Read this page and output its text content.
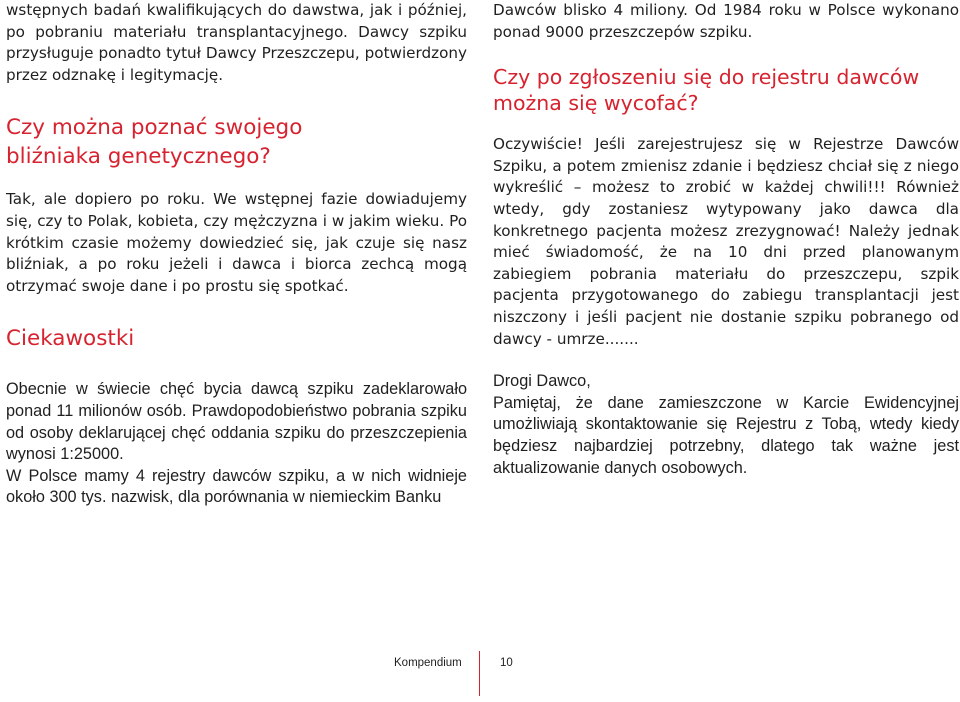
wstępnych badań kwalifikujących do dawstwa, jak i później, po pobraniu materiału transplantacyjnego. Dawcy szpiku przysługuje ponadto tytuł Dawcy Przeszczepu, potwierdzony przez odznakę i legitymację.

Czy można poznać swojego bliźniaka genetycznego?

Tak, ale dopiero po roku. We wstępnej fazie dowiadujemy się, czy to Polak, kobieta, czy mężczyzna i w jakim wieku. Po krótkim czasie możemy dowiedzieć się, jak czuje się nasz bliźniak, a po roku jeżeli i dawca i biorca zechcą mogą otrzymać swoje dane i po prostu się spotkać.

Ciekawostki

Obecnie w świecie chęć bycia dawcą szpiku zadeklarowało ponad 11 milionów osób. Prawdopodobieństwo pobrania szpiku od osoby deklarującej chęć oddania szpiku do przeszczepienia wynosi 1:25000.

W Polsce mamy 4 rejestry dawców szpiku, a w nich widnieje około 300 tys. nazwisk, dla porównania w niemieckim Banku

Dawców blisko 4 miliony. Od 1984 roku w Polsce wykonano ponad 9000 przeszczepów szpiku.

Czy po zgłoszeniu się do rejestru dawców można się wycofać?

Oczywiście! Jeśli zarejestrujesz się w Rejestrze Dawców Szpiku, a potem zmienisz zdanie i będziesz chciał się z niego wykreślić – możesz to zrobić w każdej chwili!!! Również wtedy, gdy zostaniesz wytypowany jako dawca dla konkretnego pacjenta możesz zrezygnować! Należy jednak mieć świadomość, że na 10 dni przed planowanym zabiegiem pobrania materiału do przeszczepu, szpik pacjenta przygotowanego do zabiegu transplantacji jest niszczony i jeśli pacjent nie dostanie szpiku pobranego od dawcy - umrze.......

Drogi Dawco,

Pamiętaj, że dane zamieszczone w Karcie Ewidencyjnej umożliwiają skontaktowanie się Rejestru z Tobą, wtedy kiedy będziesz najbardziej potrzebny, dlatego tak ważne jest aktualizowanie danych osobowych.

Kompendium	10
